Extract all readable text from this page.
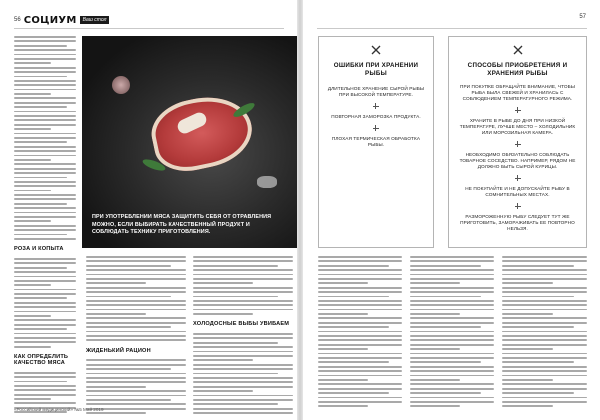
56 СОЦИУМ	Ваш стол
РОЗА И КОПЫТА
КАК ОПРЕДЕЛИТЬ КАЧЕСТВО МЯСА
ПРИ УПОТРЕБЛЕНИИ МЯСА ЗАЩИТИТЬ СЕБЯ ОТ ОТРАВЛЕНИЯ МОЖНО, ЕСЛИ ВЫБИРАТЬ КАЧЕСТВЕННЫЙ ПРОДУКТ И СОБЛЮДАТЬ ТЕХНИКУ ПРИГОТОВЛЕНИЯ.
ЖИДЕНЬКИЙ РАЦИОН
ХОЛОДОСНЫЕ ВЫБЫ УВИБАЕМ
«Российский медицинский» №5 Май 2019
57
ОШИБКИ ПРИ ХРАНЕНИИ РЫБЫ
ДЛИТЕЛЬНОЕ ХРАНЕНИЕ СЫРОЙ РЫБЫ ПРИ ВЫСОКОЙ ТЕМПЕРАТУРЕ.
ПОВТОРНАЯ ЗАМОРОЗКА ПРОДУКТА.
ПЛОХАЯ ТЕРМИЧЕСКАЯ ОБРАБОТКА РЫБЫ.
СПОСОБЫ ПРИОБРЕТЕНИЯ И ХРАНЕНИЯ РЫБЫ
ПРИ ПОКУПКЕ ОБРАЩАЙТЕ ВНИМАНИЕ, ЧТОБЫ РЫБА БЫЛА СВЕЖЕЙ И ХРАНИЛАСЬ С СОБЛЮДЕНИЕМ ТЕМПЕРАТУРНОГО РЕЖИМА.
ХРАНИТЕ В РЫБЕ ДО ДНЯ ПРИ НИЗКОЙ ТЕМПЕРАТУРЕ, ЛУЧШЕ МЕСТО – ХОЛОДИЛЬНИК ИЛИ МОРОЗИЛЬНАЯ КАМЕРА.
НЕОБХОДИМО ОБЯЗАТЕЛЬНО СОБЛЮДАТЬ ТОВАРНОЕ СОСЕДСТВО. НАПРИМЕР, РЯДОМ НЕ ДОЛЖНО БЫТЬ СЫРОЙ КУРИЦЫ.
НЕ ПОКУПАЙТЕ И НЕ ДОПУСКАЙТЕ РЫБУ В СОМНИТЕЛЬНЫХ МЕСТАХ.
РАЗМОРОЖЕННУЮ РЫБУ СЛЕДУЕТ ТУТ ЖЕ ПРИГОТОВИТЬ, ЗАМОРАЖИВАТЬ ЕЕ ПОВТОРНО НЕЛЬЗЯ.
